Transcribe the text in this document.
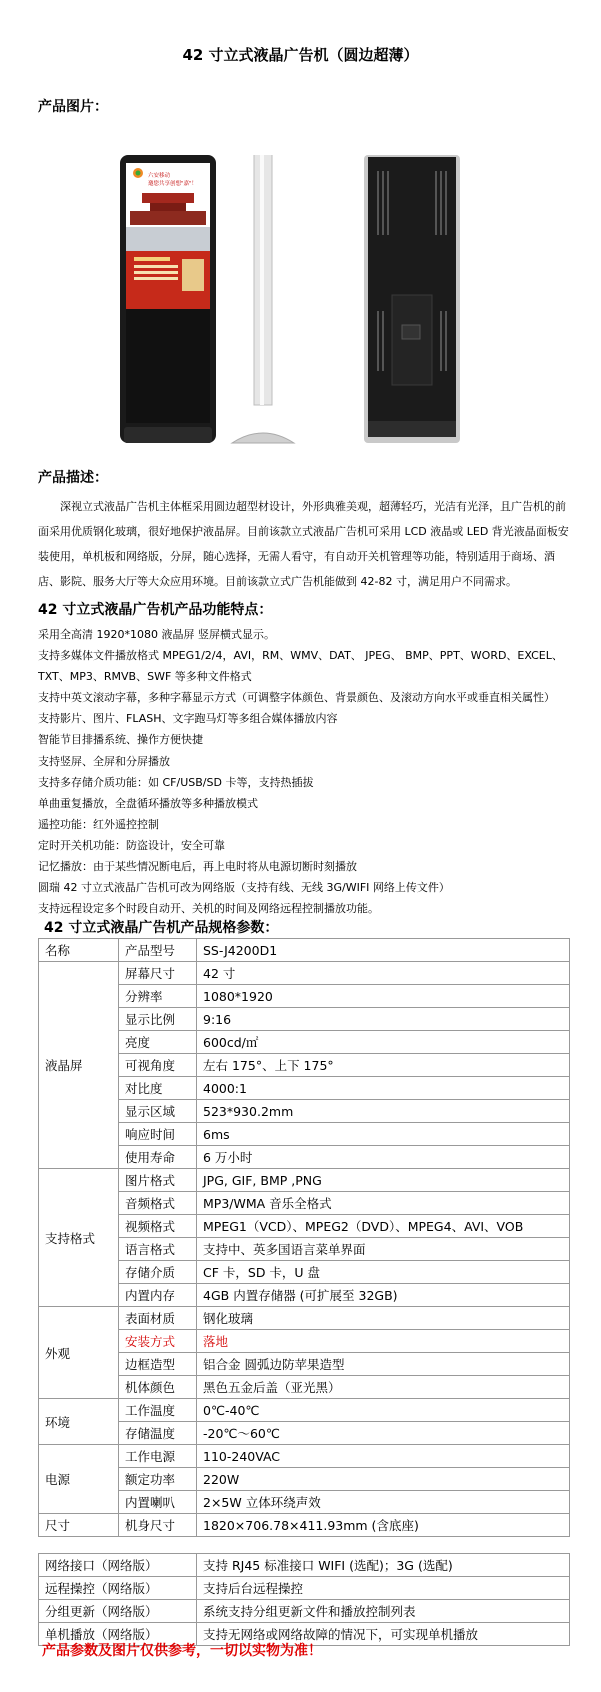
42 寸立式液晶广告机（圆边超薄）
产品图片：
六安移动
邀您共享创想"嘉"！
产品描述：

深视立式液晶广告机主体框采用圆边超型材设计，外形典雅美观，超薄轻巧，光洁有光泽，且广告机的前面采用优质钢化玻璃，很好地保护液晶屏。目前该款立式液晶广告机可采用 LCD 液晶或 LED 背光液晶面板安装使用，单机板和网络版，分屏，随心选择，无需人看守，有自动开关机管理等功能，特别适用于商场、酒店、影院、服务大厅等大众应用环境。目前该款立式广告机能做到 42-82 寸，满足用户不同需求。

42 寸立式液晶广告机产品功能特点：
采用全高清 1920*1080 液晶屏 竖屏横式显示。
支持多媒体文件播放格式 MPEG1/2/4，AVI，RM、WMV、DAT、 JPEG、 BMP、PPT、WORD、EXCEL、
TXT、MP3、RMVB、SWF 等多种文件格式
支持中英文滚动字幕，多种字幕显示方式（可调整字体颜色、背景颜色、及滚动方向水平或垂直相关属性）
支持影片、图片、FLASH、文字跑马灯等多组合媒体播放内容
智能节目排播系统、操作方便快捷
支持竖屏、全屏和分屏播放
支持多存储介质功能：如 CF/USB/SD 卡等，支持热插拔
单曲重复播放，全盘循环播放等多种播放模式
遥控功能：红外遥控控制
定时开关机功能：防盗设计，安全可靠
记忆播放：由于某些情况断电后，再上电时将从电源切断时刻播放
圆瑞 42 寸立式液晶广告机可改为网络版（支持有线、无线 3G/WIFI 网络上传文件）
支持远程设定多个时段自动开、关机的时间及网络远程控制播放功能。
42 寸立式液晶广告机产品规格参数：
名称	产品型号	SS-J4200D1
液晶屏	屏幕尺寸	42 寸
	分辨率	1080*1920
	显示比例	9:16
	亮度	600cd/㎡
	可视角度	左右 175°、上下 175°
	对比度	4000:1
	显示区域	523*930.2mm
	响应时间	6ms
	使用寿命	6 万小时
支持格式	图片格式	JPG, GIF, BMP ,PNG
	音频格式	MP3/WMA 音乐全格式
	视频格式	MPEG1（VCD）、MPEG2（DVD）、MPEG4、AVI、VOB
	语言格式	支持中、英多国语言菜单界面
	存储介质	CF 卡，SD 卡，U 盘
	内置内存	4GB 内置存储器 (可扩展至 32GB)
外观	表面材质	钢化玻璃
	安装方式	落地
	边框造型	铝合金 圆弧边防苹果造型
	机体颜色	黑色五金后盖（亚光黑）
环境	工作温度	0℃-40℃
	存储温度	-20℃～60℃
电源	工作电源	110-240VAC
	额定功率	220W
	内置喇叭	2×5W 立体环绕声效
尺寸	机身尺寸	1820×706.78×411.93mm (含底座)
网络接口（网络版）	支持 RJ45 标准接口 WIFI (选配)；3G (选配)
远程操控（网络版）	支持后台远程操控
分组更新（网络版）	系统支持分组更新文件和播放控制列表
单机播放（网络版）	支持无网络或网络故障的情况下，可实现单机播放
产品参数及图片仅供参考，一切以实物为准！
